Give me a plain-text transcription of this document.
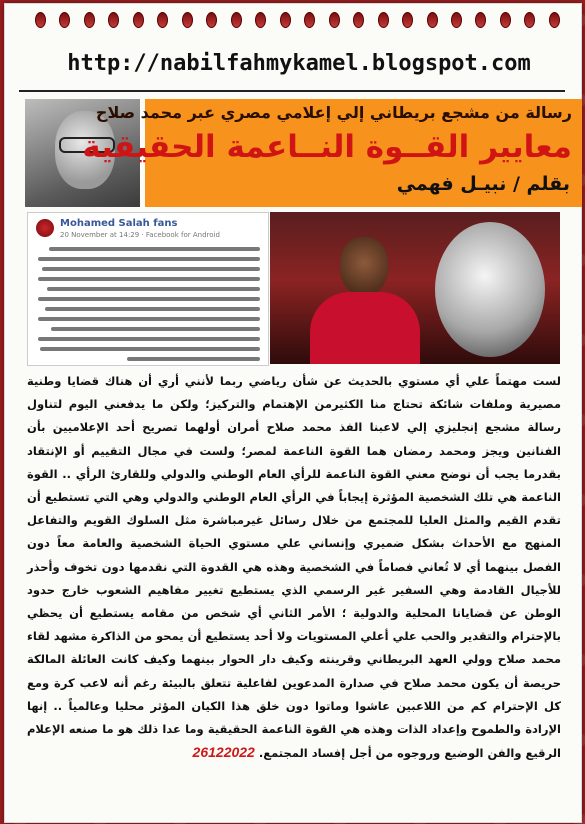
http://nabilfahmykamel.blogspot.com
رسالة من مشجع بريطاني إلي إعلامي مصري عبر محمد صلاح
معايير القــوة النــاعمة الحقيقية
بقلم / نبيـل فهمي
Mohamed Salah fans
20 November at 14:29 · Facebook for Android
لست مهتماً علي أي مستوي بالحديث عن شأن رياضي ربما لأنني أري أن هناك قضايا وطنية مصيرية وملفات شائكة تحتاج منا الكثيرمن الإهتمام والتركيز؛ ولكن ما يدفعني اليوم لتناول رسالة مشجع إنجليزي إلي لاعبنا الفذ محمد صلاح أمران أولهما تصريح أحد الإعلاميين بأن الفنانين ويجز ومحمد رمضان هما القوة الناعمة لمصر؛ ولست في مجال التقييم أو الإنتقاد بقدرما يجب أن نوضح معني القوة الناعمة للرأي العام الوطني والدولي وللقارئ الرأي .. القوة الناعمة هي تلك الشخصية المؤثرة إيجاباً في الرأي العام الوطني والدولي وهي التي تستطيع أن تقدم القيم والمثل العليا للمجتمع من خلال رسائل غيرمباشرة مثل السلوك القويم والتفاعل المنهج مع الأحداث بشكل ضميري وإنساني علي مستوي الحياة الشخصية والعامة معاً دون الفصل بينهما أي لا تُعاني فصاماً في الشخصية وهذه هي القدوة التي نقدمها دون تخوف وأحذر للأجيال القادمة وهي السفير غير الرسمي الذي يستطيع تغيير مفاهيم الشعوب خارج حدود الوطن عن قضايانا المحلية والدولية ؛ الأمر الثاني أي شخص من مقامه يستطيع أن يحظي بالإحترام والتقدير والحب علي أعلي المستويات ولا أحد يستطيع أن يمحو من الذاكرة مشهد لقاء محمد صلاح وولي العهد البريطاني وقرينته وكيف دار الحوار بينهما وكيف كانت العائلة المالكة حريصة أن يكون محمد صلاح في صدارة المدعوين لفاعلية تتعلق بالبيئة رغم أنه لاعب كرة ومع كل الإحترام كم من اللاعبين عاشوا وماتوا دون خلق هذا الكيان المؤثر محليا وعالمياً .. إنها الإرادة والطموح وإعداد الذات وهذه هي القوة الناعمة الحقيقية وما عدا ذلك هو ما صنعه الإعلام الرقيع والفن الوضيع وروجوه من أجل إفساد المجتمع. 26122022
